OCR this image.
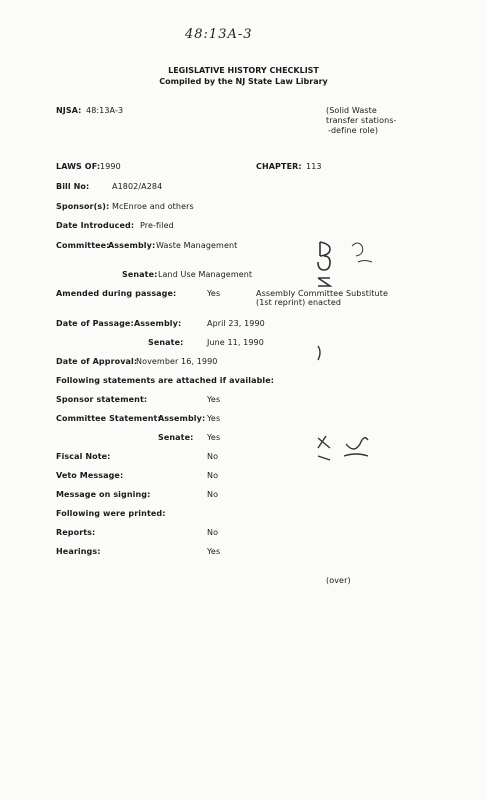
48:13A-3
LEGISLATIVE HISTORY CHECKLIST
Compiled by the NJ State Law Library
NJSA: 48:13A-3	(Solid Waste
transfer stations-
-define role)
LAWS OF: 1990	CHAPTER: 113
Bill No:	A1802/A284
Sponsor(s): McEnroe and others
Date Introduced: Pre-filed
Committee:
Assembly: Waste Management
Senate: Land Use Management
Amended during passage:	Yes	Assembly Committee Substitute
(1st reprint) enacted
Date of Passage: Assembly:	April 23, 1990
Senate:	June 11, 1990
Date of Approval:
November 16, 1990
Following statements are attached if available:
Sponsor statement:	Yes
Committee Statement:
Assembly: Yes
Senate: Yes
Fiscal Note:	No
Veto Message:	No
Message on signing:	No
Following were printed:
Reports:	No
Hearings:	Yes
(over)
